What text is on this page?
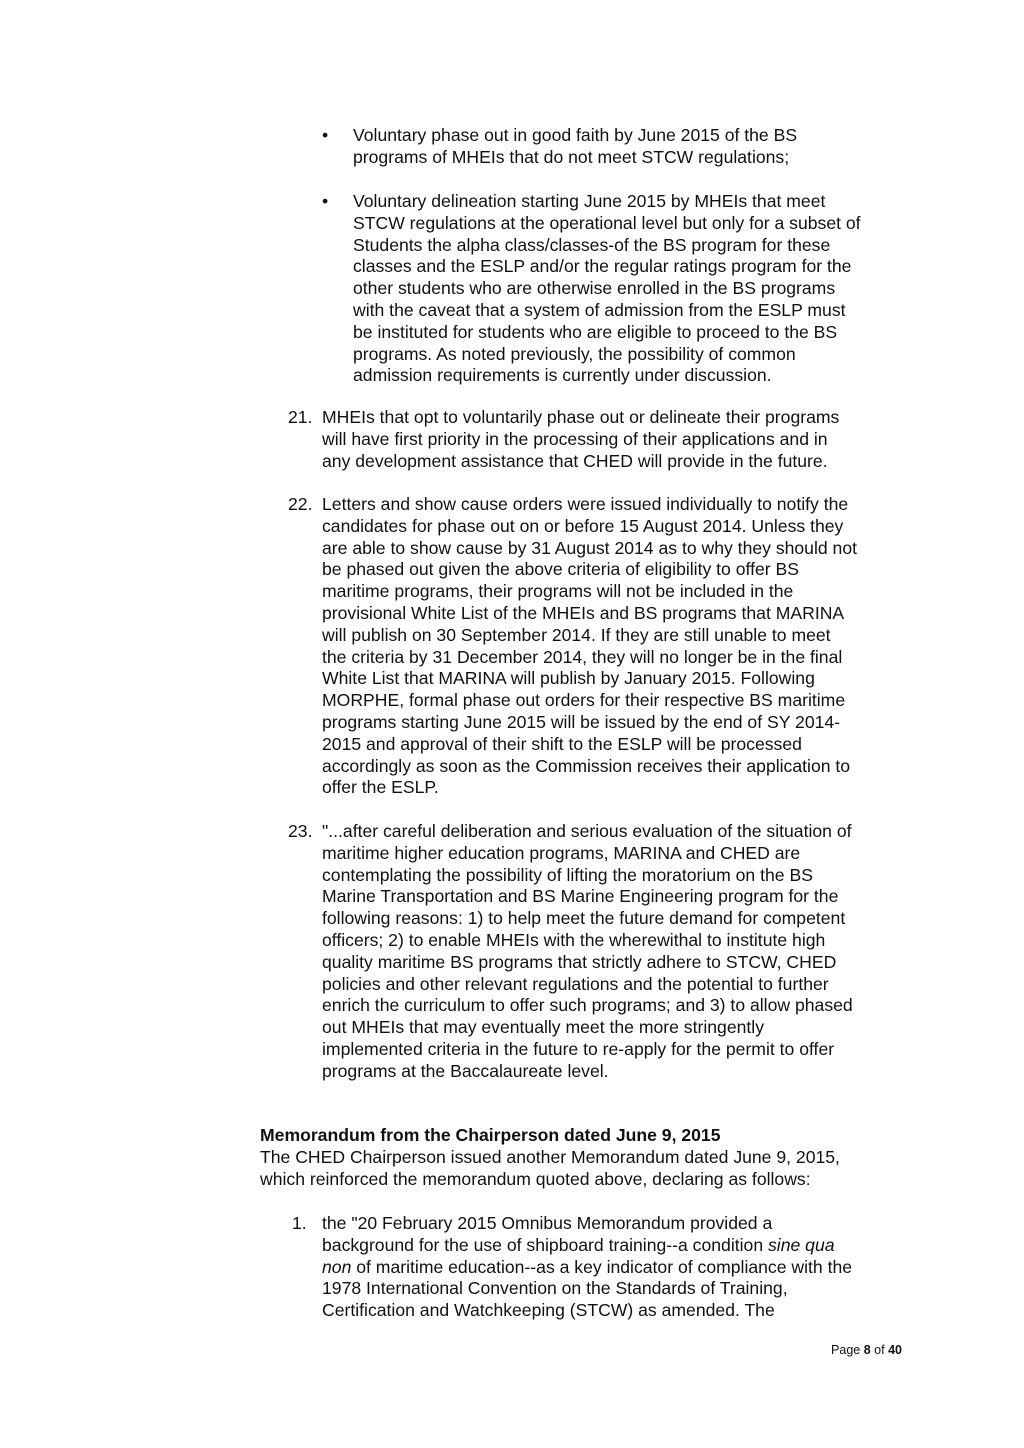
•	Voluntary phase out in good faith by June 2015 of the BS
programs of MHEIs that do not meet STCW regulations;
•	Voluntary delineation starting June 2015 by MHEIs that meet
STCW regulations at the operational level but only for a subset of
Students the alpha class/classes-of the BS program for these
classes and the ESLP and/or the regular ratings program for the
other students who are otherwise enrolled in the BS programs
with the caveat that a system of admission from the ESLP must
be instituted for students who are eligible to proceed to the BS
programs. As noted previously, the possibility of common
admission requirements is currently under discussion.
21. MHEIs that opt to voluntarily phase out or delineate their programs
will have first priority in the processing of their applications and in
any development assistance that CHED will provide in the future.
22. Letters and show cause orders were issued individually to notify the
candidates for phase out on or before 15 August 2014. Unless they
are able to show cause by 31 August 2014 as to why they should not
be phased out given the above criteria of eligibility to offer BS
maritime programs, their programs will not be included in the
provisional White List of the MHEIs and BS programs that MARINA
will publish on 30 September 2014. If they are still unable to meet
the criteria by 31 December 2014, they will no longer be in the final
White List that MARINA will publish by January 2015. Following
MORPHE, formal phase out orders for their respective BS maritime
programs starting June 2015 will be issued by the end of SY 2014-
2015 and approval of their shift to the ESLP will be processed
accordingly as soon as the Commission receives their application to
offer the ESLP.
23. "...after careful deliberation and serious evaluation of the situation of
maritime higher education programs, MARINA and CHED are
contemplating the possibility of lifting the moratorium on the BS
Marine Transportation and BS Marine Engineering program for the
following reasons: 1) to help meet the future demand for competent
officers; 2) to enable MHEIs with the wherewithal to institute high
quality maritime BS programs that strictly adhere to STCW, CHED
policies and other relevant regulations and the potential to further
enrich the curriculum to offer such programs; and 3) to allow phased
out MHEIs that may eventually meet the more stringently
implemented criteria in the future to re-apply for the permit to offer
programs at the Baccalaureate level.
Memorandum from the Chairperson dated June 9, 2015
The CHED Chairperson issued another Memorandum dated June 9, 2015,
which reinforced the memorandum quoted above, declaring as follows:
1. the "20 February 2015 Omnibus Memorandum provided a
background for the use of shipboard training--a condition sine qua
non of maritime education--as a key indicator of compliance with the
1978 International Convention on the Standards of Training,
Certification and Watchkeeping (STCW) as amended. The
Page 8 of 40
